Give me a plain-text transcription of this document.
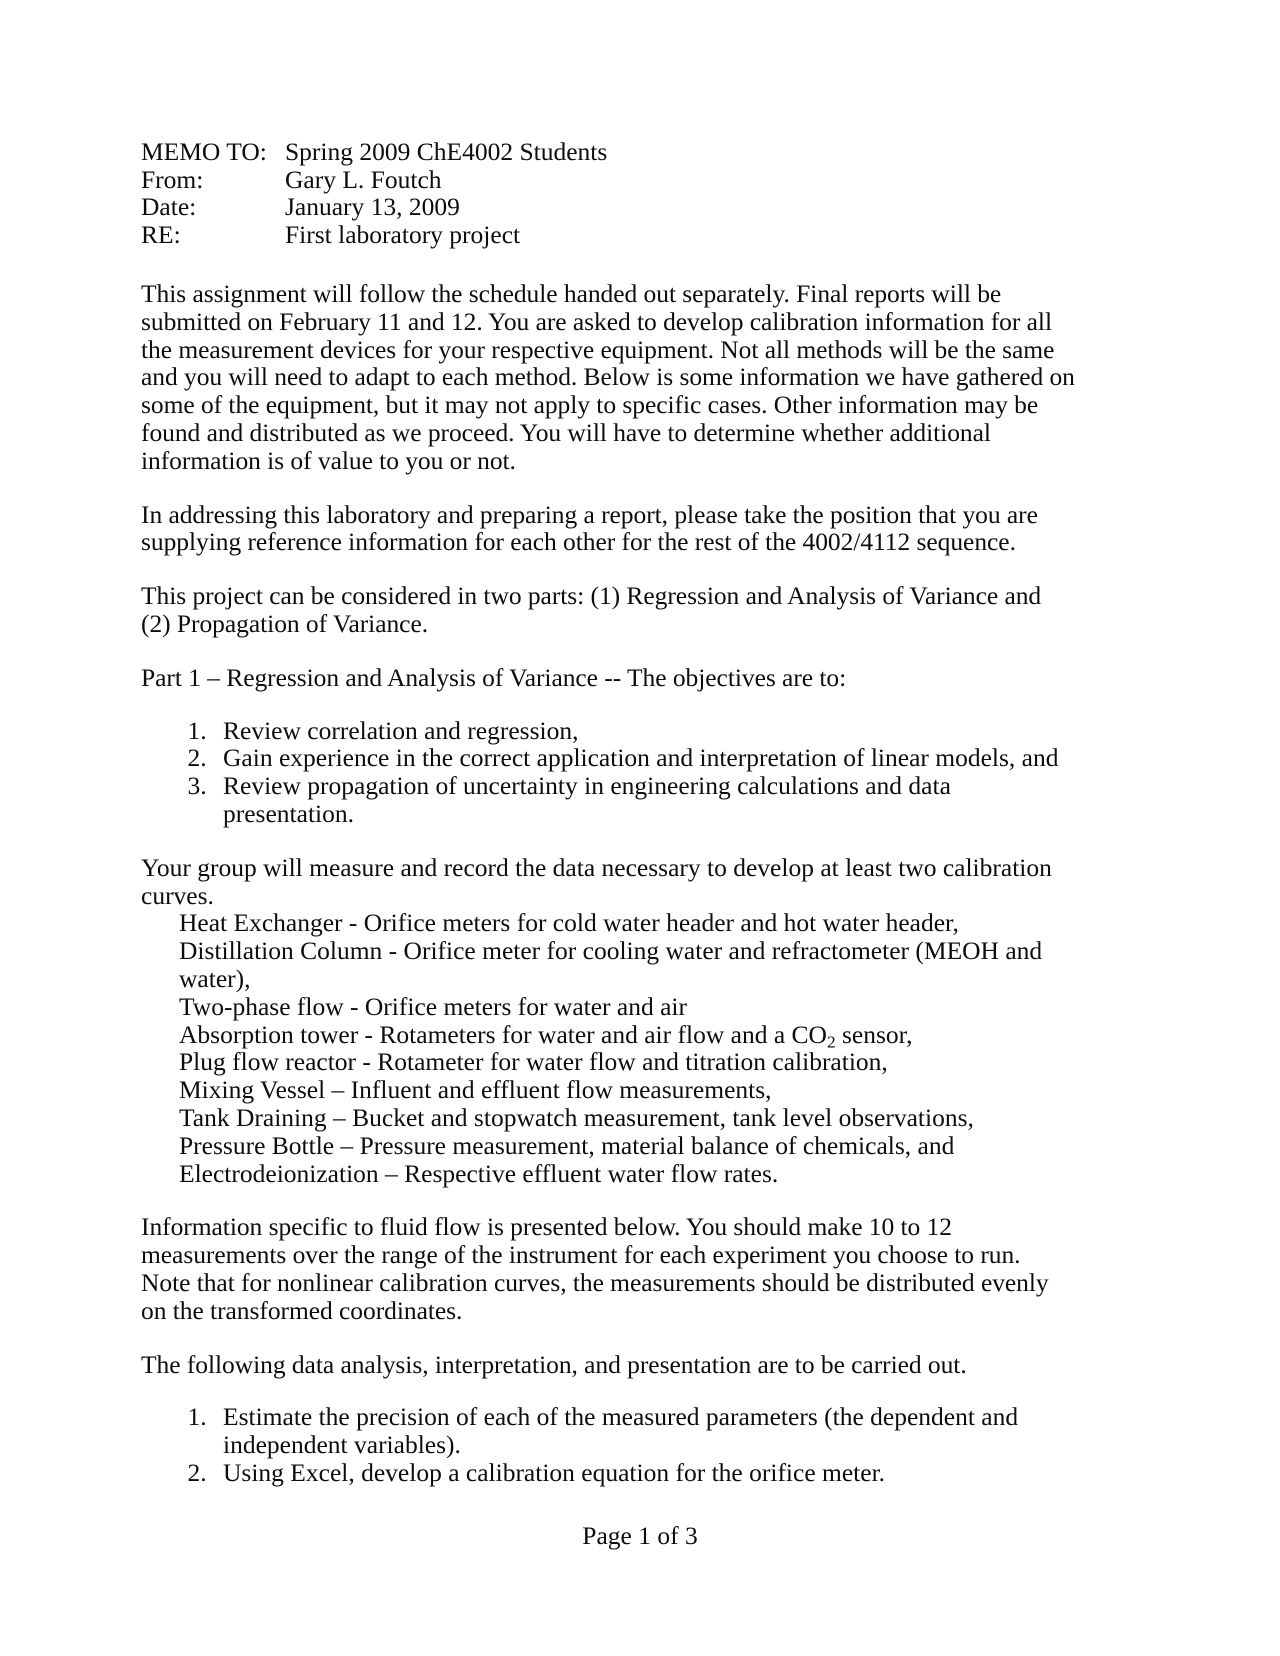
MEMO TO: Spring 2009 ChE4002 Students
From:	Gary L. Foutch
Date:	January 13, 2009
RE:	First laboratory project

This assignment will follow the schedule handed out separately. Final reports will be submitted on February 11 and 12. You are asked to develop calibration information for all the measurement devices for your respective equipment. Not all methods will be the same and you will need to adapt to each method. Below is some information we have gathered on some of the equipment, but it may not apply to specific cases. Other information may be found and distributed as we proceed. You will have to determine whether additional information is of value to you or not.

In addressing this laboratory and preparing a report, please take the position that you are supplying reference information for each other for the rest of the 4002/4112 sequence.

This project can be considered in two parts: (1) Regression and Analysis of Variance and (2) Propagation of Variance.

Part 1 – Regression and Analysis of Variance -- The objectives are to:

1. Review correlation and regression,
2. Gain experience in the correct application and interpretation of linear models, and
3. Review propagation of uncertainty in engineering calculations and data presentation.
Your group will measure and record the data necessary to develop at least two calibration curves.
Heat Exchanger - Orifice meters for cold water header and hot water header,
Distillation Column - Orifice meter for cooling water and refractometer (MEOH and water),
Two-phase flow - Orifice meters for water and air
Absorption tower - Rotameters for water and air flow and a $CO_2$ sensor,
Plug flow reactor - Rotameter for water flow and titration calibration,
Mixing Vessel – Influent and effluent flow measurements,
Tank Draining – Bucket and stopwatch measurement, tank level observations,
Pressure Bottle – Pressure measurement, material balance of chemicals, and
Electrodeionization – Respective effluent water flow rates.

Information specific to fluid flow is presented below. You should make 10 to 12 measurements over the range of the instrument for each experiment you choose to run. Note that for nonlinear calibration curves, the measurements should be distributed evenly on the transformed coordinates.

The following data analysis, interpretation, and presentation are to be carried out.

1. Estimate the precision of each of the measured parameters (the dependent and independent variables).
2. Using Excel, develop a calibration equation for the orifice meter.
Page 1 of 3
